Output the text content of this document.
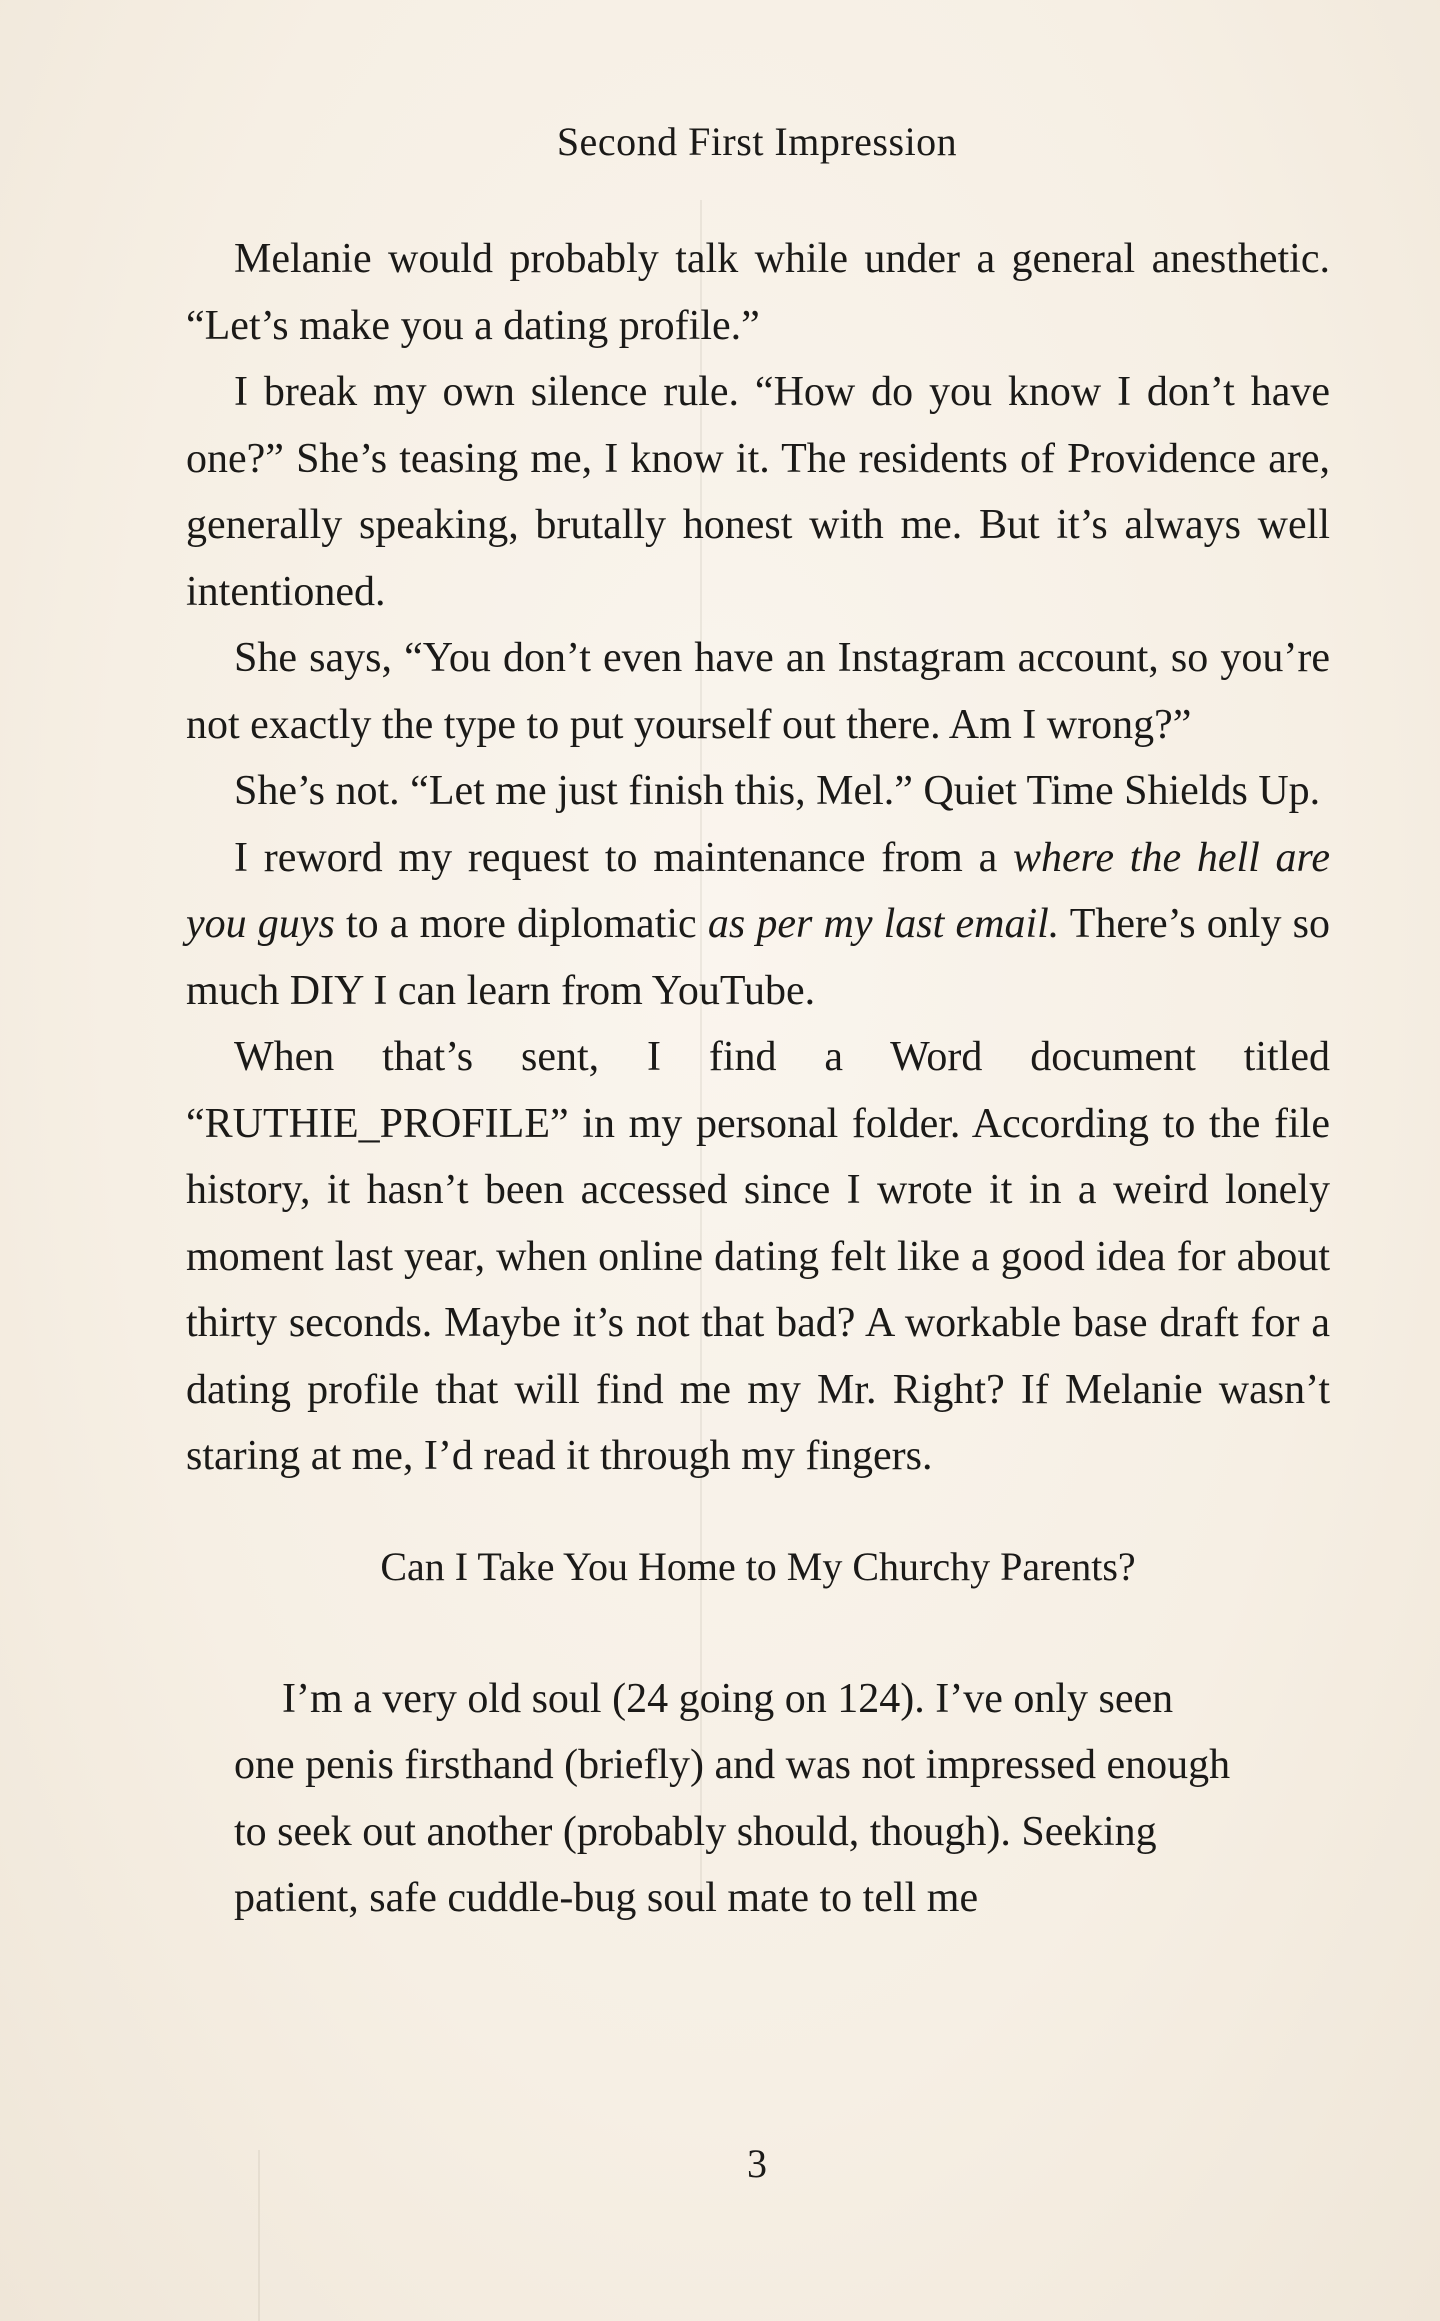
Second First Impression

Melanie would probably talk while under a general anesthetic. “Let’s make you a dating profile.”

I break my own silence rule. “How do you know I don’t have one?” She’s teasing me, I know it. The residents of Providence are, generally speaking, brutally honest with me. But it’s always well intentioned.

She says, “You don’t even have an Instagram account, so you’re not exactly the type to put yourself out there. Am I wrong?”

She’s not. “Let me just finish this, Mel.” Quiet Time Shields Up.

I reword my request to maintenance from a where the hell are you guys to a more diplomatic as per my last email. There’s only so much DIY I can learn from YouTube.

When that’s sent, I find a Word document titled “RUTHIE_PROFILE” in my personal folder. According to the file history, it hasn’t been accessed since I wrote it in a weird lonely moment last year, when online dating felt like a good idea for about thirty seconds. Maybe it’s not that bad? A workable base draft for a dating profile that will find me my Mr. Right? If Melanie wasn’t staring at me, I’d read it through my fingers.

Can I Take You Home to My Churchy Parents?

I’m a very old soul (24 going on 124). I’ve only seen one penis firsthand (briefly) and was not impressed enough to seek out another (probably should, though). Seeking patient, safe cuddle-bug soul mate to tell me

3
